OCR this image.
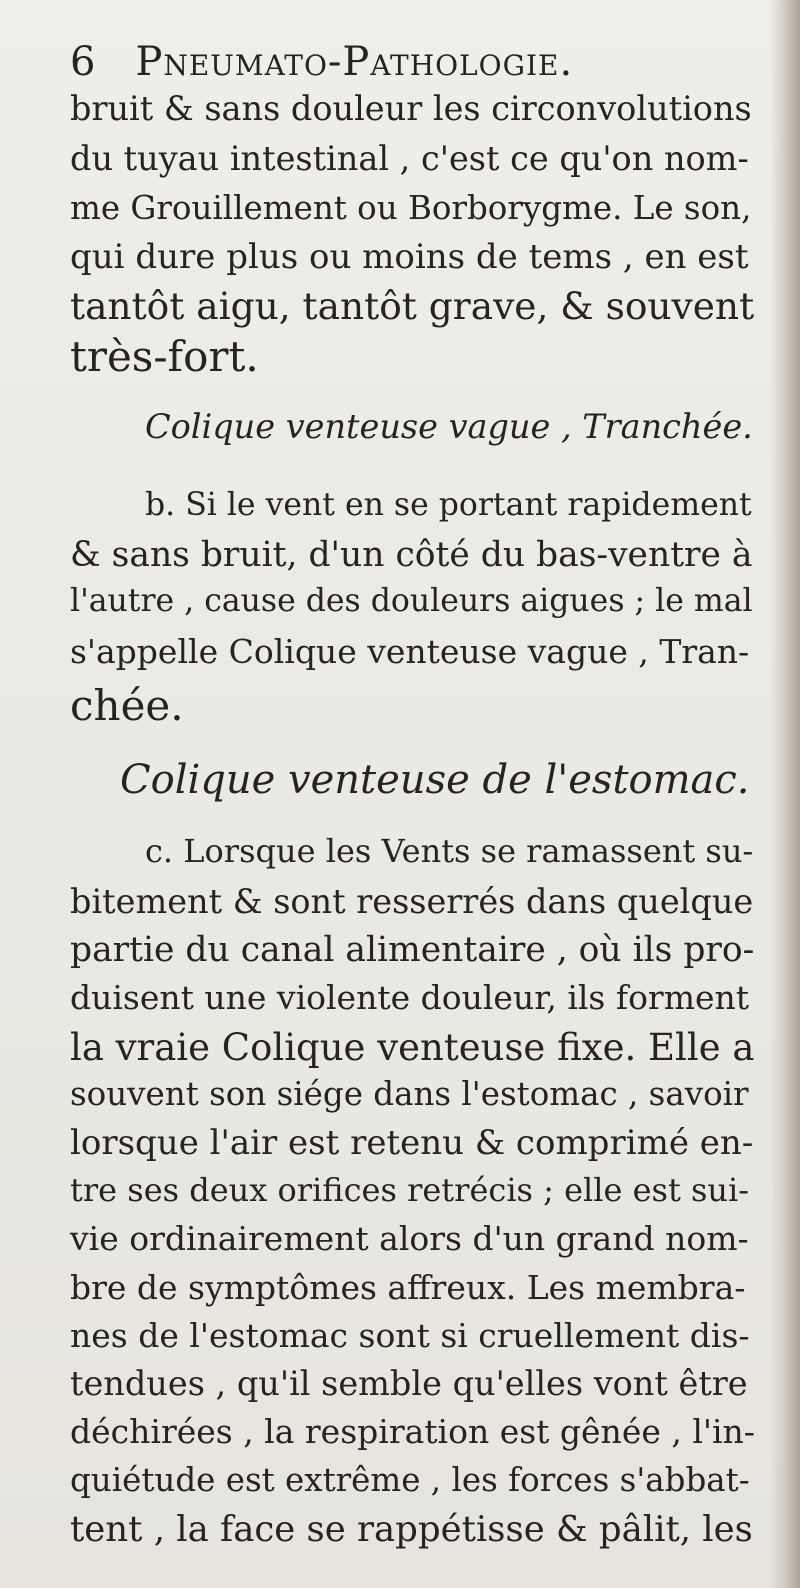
6 Pneumato-Pathologie.
bruit & sans douleur les circonvolutions
du tuyau intestinal , c'est ce qu'on nom-
me Grouillement ou Borborygme. Le son,
qui dure plus ou moins de tems , en est
tantôt aigu, tantôt grave, & souvent
très-fort.
Colique venteuse vague , Tranchée.
b. Si le vent en se portant rapidement
& sans bruit, d'un côté du bas-ventre à
l'autre , cause des douleurs aigues ; le mal
s'appelle Colique venteuse vague , Tran-
chée.
Colique venteuse de l'estomac.
c. Lorsque les Vents se ramassent su-
bitement & sont resserrés dans quelque
partie du canal alimentaire , où ils pro-
duisent une violente douleur, ils forment
la vraie Colique venteuse fixe. Elle a
souvent son siége dans l'estomac , savoir
lorsque l'air est retenu & comprimé en-
tre ses deux orifices retrécis ; elle est sui-
vie ordinairement alors d'un grand nom-
bre de symptômes affreux. Les membra-
nes de l'estomac sont si cruellement dis-
tendues , qu'il semble qu'elles vont être
déchirées , la respiration est gênée , l'in-
quiétude est extrême , les forces s'abbat-
tent , la face se rappétisse & pâlit, les
